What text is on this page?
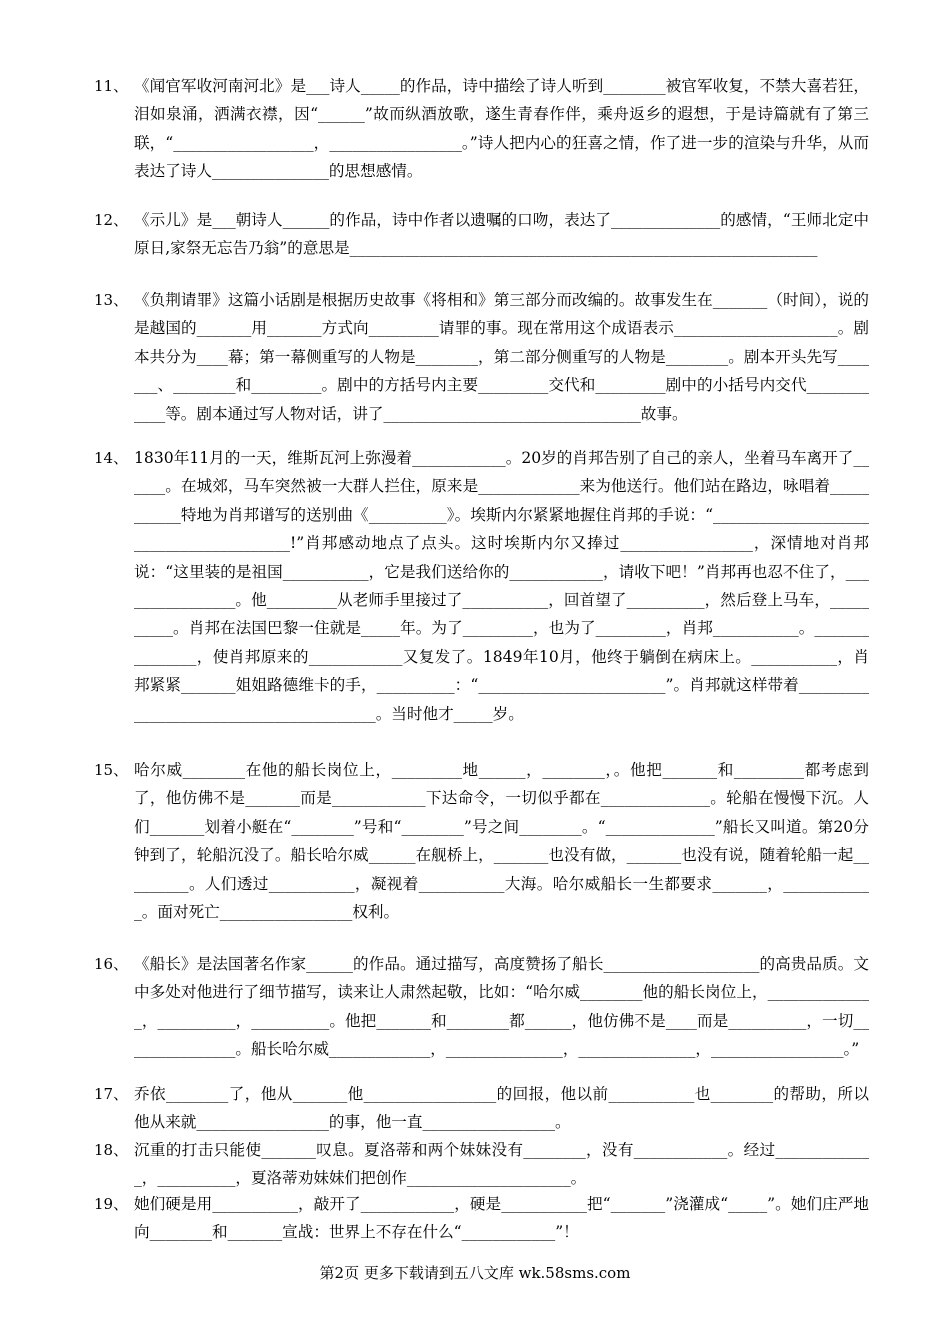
11、 《闻官军收河南河北》是___诗人_____的作品，诗中描绘了诗人听到________被官军收复，不禁大喜若狂，泪如泉涌，洒满衣襟，因“______”故而纵酒放歌，遂生青春作伴，乘舟返乡的遐想，于是诗篇就有了第三联，“__________________，_________________。”诗人把内心的狂喜之情，作了进一步的渲染与升华，从而表达了诗人_______________的思想感情。
12、 《示儿》是___朝诗人______的作品，诗中作者以遗嘱的口吻，表达了______________的感情，“王师北定中原日,家祭无忘告乃翁”的意思是____________________________________________________________
13、 《负荆请罪》这篇小话剧是根据历史故事《将相和》第三部分而改编的。故事发生在_______（时间），说的是越国的_______用_______方式向_________请罪的事。现在常用这个成语表示_____________________。剧本共分为____幕；第一幕侧重写的人物是________，第二部分侧重写的人物是________。剧本开头先写_______、________和_________。剧中的方括号内主要_________交代和_________剧中的小括号内交代____________等。剧本通过写人物对话，讲了_________________________________故事。
14、 1830年11月的一天，维斯瓦河上弥漫着____________。20岁的肖邦告别了自己的亲人，坐着马车离开了______。在城郊，马车突然被一大群人拦住，原来是_____________来为他送行。他们站在路边，咏唱着___________特地为肖邦谱写的送别曲《__________》。埃斯内尔紧紧地握住肖邦的手说：“________________________________________!”肖邦感动地点了点头。这时埃斯内尔又捧过_________________，深情地对肖邦说：“这里装的是祖国___________，它是我们送给你的____________，请收下吧！”肖邦再也忍不住了，________________。他_________从老师手里接过了___________，回首望了__________，然后登上马车，__________。肖邦在法国巴黎一住就是_____年。为了_________，也为了_________，肖邦___________。_______________，使肖邦原来的____________又复发了。1849年10月，他终于躺倒在病床上。___________，肖邦紧紧_______姐姐路德维卡的手，__________：“________________________”。肖邦就这样带着________________________________________。当时他才_____岁。
15、 哈尔威________在他的船长岗位上，_________地______，________，。他把_______和_________都考虑到了，他仿佛不是_______而是____________下达命令，一切似乎都在______________。轮船在慢慢下沉。人们_______划着小艇在“________”号和“________”号之间________。“______________”船长又叫道。第20分钟到了，轮船沉没了。船长哈尔威______在舰桥上，_______也没有做，_______也没有说，随着轮船一起_________。人们透过___________，凝视着___________大海。哈尔威船长一生都要求_______，____________。面对死亡_________________权利。
16、 《船长》是法国著名作家______的作品。通过描写，高度赞扬了船长____________________的高贵品质。文中多处对他进行了细节描写，读来让人肃然起敬，比如：“哈尔威________他的船长岗位上，______________，__________，__________。他把_______和________都______，他仿佛不是____而是__________，一切_______________。船长哈尔威_____________，_______________，_______________，_________________。”
17、 乔依________了，他从_______他_________________的回报，他以前___________也________的帮助，所以他从来就_________________的事，他一直_________________。
18、 沉重的打击只能使_______叹息。夏洛蒂和两个妹妹没有________，没有____________。经过_____________，__________，夏洛蒂劝妹妹们把创作_____________________。
19、 她们硬是用___________，敲开了____________，硬是___________把“_______”浇灌成“_____”。她们庄严地向________和_______宣战：世界上不存在什么“____________”！
第2页 更多下载请到五八文库 wk.58sms.com
